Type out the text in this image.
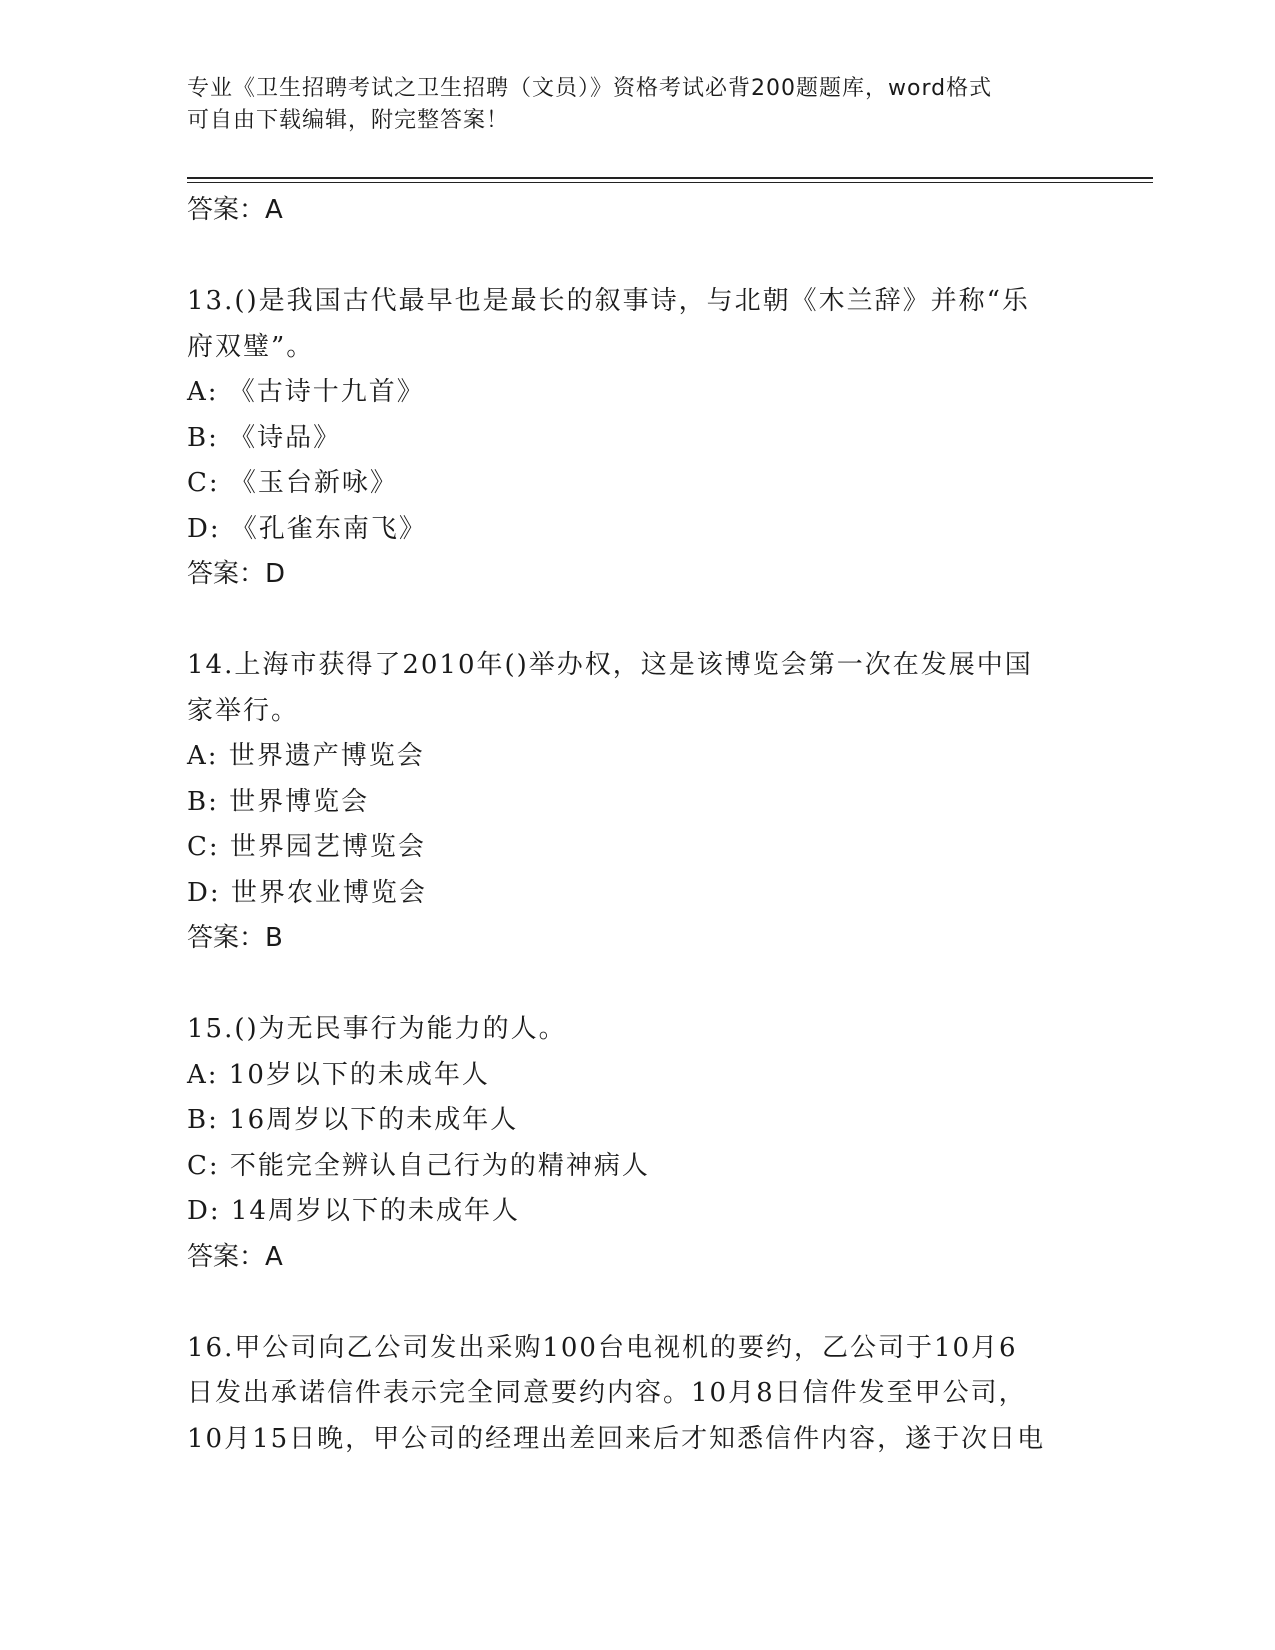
专业《卫生招聘考试之卫生招聘（文员）》资格考试必背200题题库，word格式
可自由下载编辑，附完整答案！
答案：A
13.()是我国古代最早也是最长的叙事诗，与北朝《木兰辞》并称“乐
府双璧”。
A: 《古诗十九首》
B: 《诗品》
C: 《玉台新咏》
D: 《孔雀东南飞》
答案：D
14.上海市获得了2010年()举办权，这是该博览会第一次在发展中国
家举行。
A: 世界遗产博览会
B: 世界博览会
C: 世界园艺博览会
D: 世界农业博览会
答案：B
15.()为无民事行为能力的人。
A: 10岁以下的未成年人
B: 16周岁以下的未成年人
C: 不能完全辨认自己行为的精神病人
D: 14周岁以下的未成年人
答案：A
16.甲公司向乙公司发出采购100台电视机的要约，乙公司于10月6
日发出承诺信件表示完全同意要约内容。10月8日信件发至甲公司，
10月15日晚，甲公司的经理出差回来后才知悉信件内容，遂于次日电
